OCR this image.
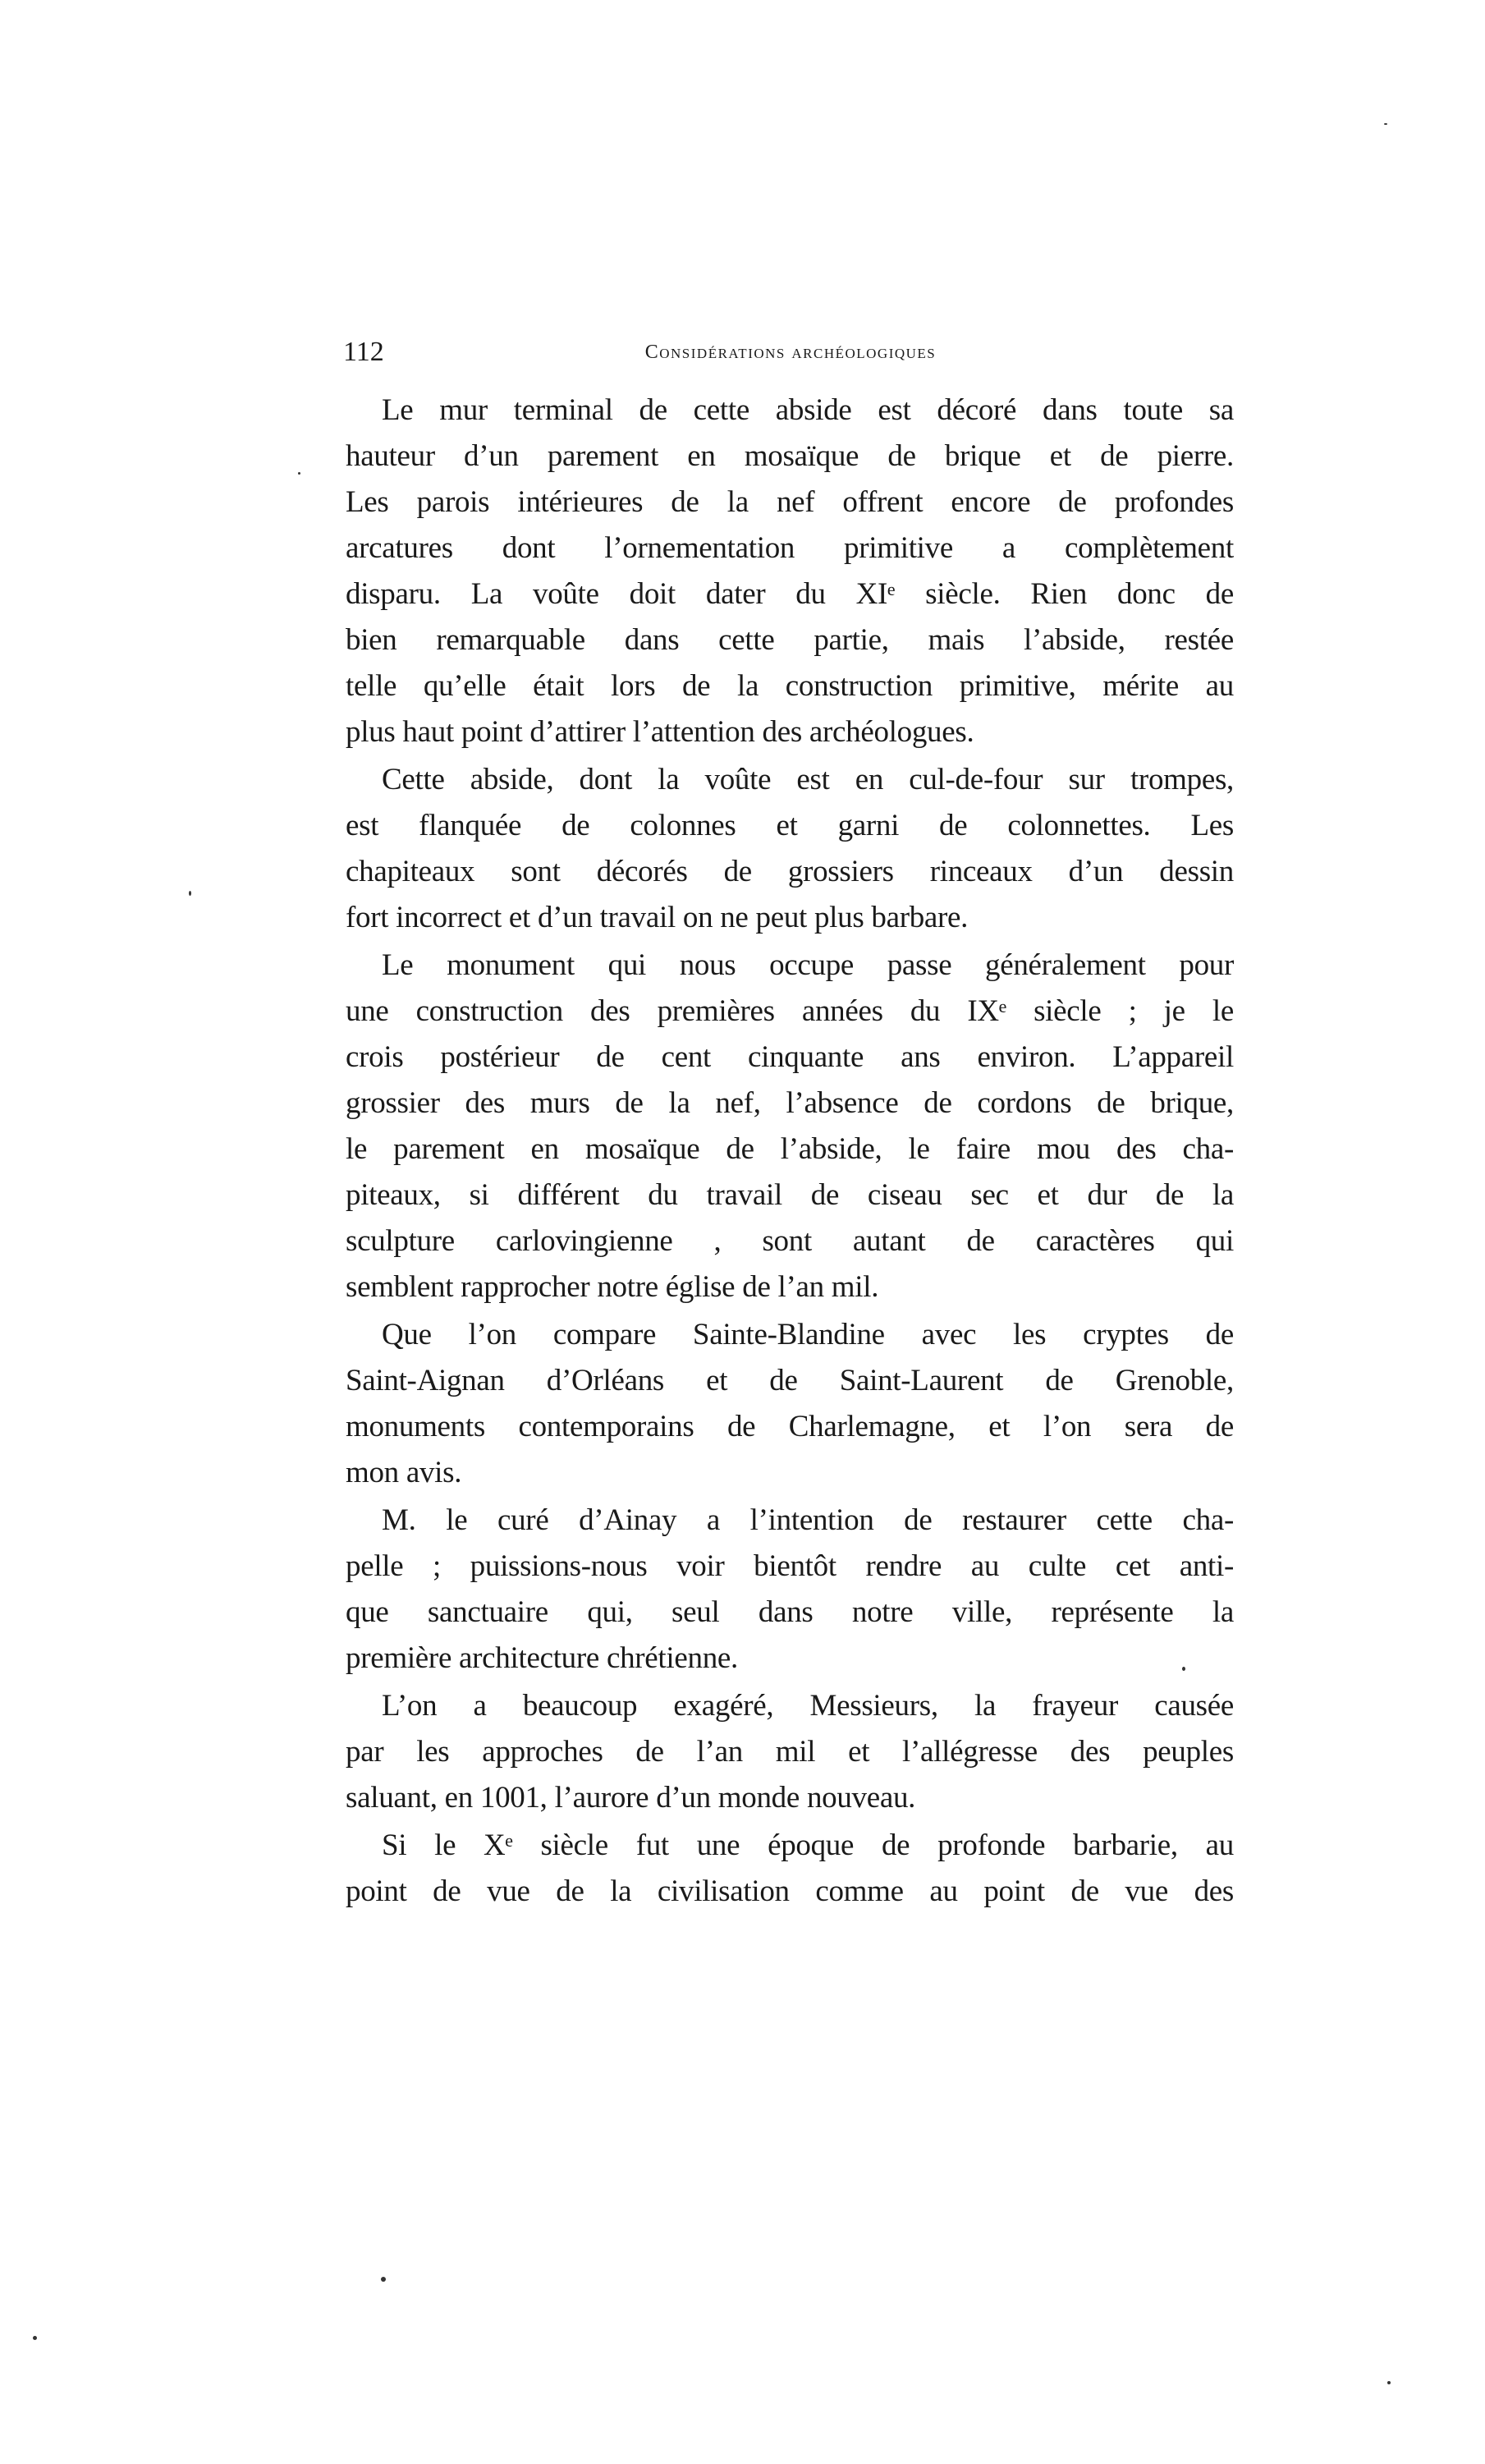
112	Considérations archéologiques
Le mur terminal de cette abside est décoré dans toute sa
hauteur d’un parement en mosaïque de brique et de pierre.
Les parois intérieures de la nef offrent encore de profondes
arcatures dont l’ornementation primitive a complètement
disparu. La voûte doit dater du XIᵉ siècle. Rien donc de
bien remarquable dans cette partie, mais l’abside, restée
telle qu’elle était lors de la construction primitive, mérite au
plus haut point d’attirer l’attention des archéologues.
Cette abside, dont la voûte est en cul-de-four sur trompes,
est flanquée de colonnes et garni de colonnettes. Les
chapiteaux sont décorés de grossiers rinceaux d’un dessin
fort incorrect et d’un travail on ne peut plus barbare.
Le monument qui nous occupe passe généralement pour
une construction des premières années du IXᵉ siècle ; je le
crois postérieur de cent cinquante ans environ. L’appareil
grossier des murs de la nef, l’absence de cordons de brique,
le parement en mosaïque de l’abside, le faire mou des cha-
piteaux, si différent du travail de ciseau sec et dur de la
sculpture carlovingienne , sont autant de caractères qui
semblent rapprocher notre église de l’an mil.
Que l’on compare Sainte-Blandine avec les cryptes de
Saint-Aignan d’Orléans et de Saint-Laurent de Grenoble,
monuments contemporains de Charlemagne, et l’on sera de
mon avis.
M. le curé d’Ainay a l’intention de restaurer cette cha-
pelle ; puissions-nous voir bientôt rendre au culte cet anti-
que sanctuaire qui, seul dans notre ville, représente la
première architecture chrétienne.
L’on a beaucoup exagéré, Messieurs, la frayeur causée
par les approches de l’an mil et l’allégresse des peuples
saluant, en 1001, l’aurore d’un monde nouveau.
Si le Xᵉ siècle fut une époque de profonde barbarie, au
point de vue de la civilisation comme au point de vue des
